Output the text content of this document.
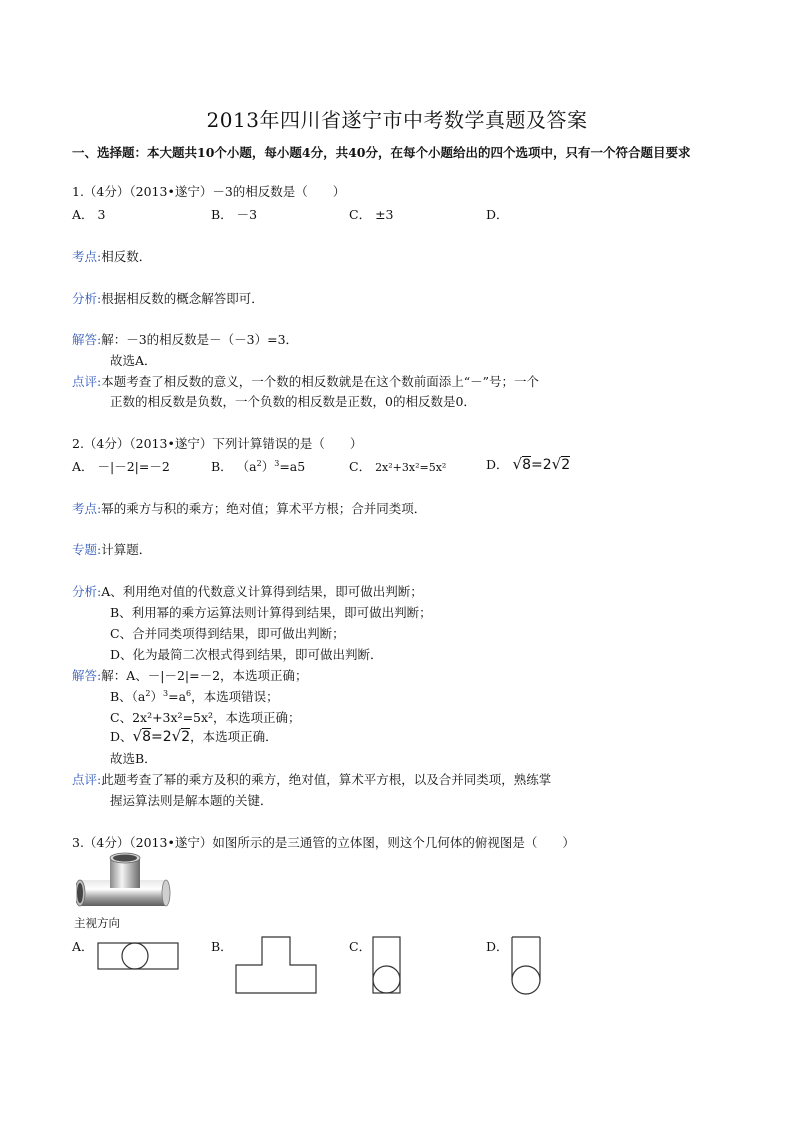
2013年四川省遂宁市中考数学真题及答案
一、选择题：本大题共10个小题，每小题4分，共40分，在每个小题给出的四个选项中，只有一个符合题目要求
1.（4分）（2013•遂宁）－3的相反数是（　　）
A． 3	B． －3	C． ±3	D．
考点:相反数．
分析:根据相反数的概念解答即可．
解答:解：－3的相反数是－（－3）=3．
故选A．
点评:本题考查了相反数的意义，一个数的相反数就是在这个数前面添上“－”号；一个
正数的相反数是负数，一个负数的相反数是正数，0的相反数是0．
2.（4分）（2013•遂宁）下列计算错误的是（　　）
A． －|－2|=－2	B． $(a^2)^3=a5$	C． 2x²+3x²=5x²	D． √8=2√2
考点:幂的乘方与积的乘方；绝对值；算术平方根；合并同类项．
专题:计算题．
分析:A、利用绝对值的代数意义计算得到结果，即可做出判断；
B、利用幂的乘方运算法则计算得到结果，即可做出判断；
C、合并同类项得到结果，即可做出判断；
D、化为最简二次根式得到结果，即可做出判断．
解答:解：A、－|－2|=－2，本选项正确；
B、$(a^2)^3=a^6$，本选项错误；
C、2x²+3x²=5x²，本选项正确；
D、√8=2√2，本选项正确．
故选B．
点评:此题考查了幂的乘方及积的乘方，绝对值，算术平方根，以及合并同类项，熟练掌
握运算法则是解本题的关键．
3.（4分）（2013•遂宁）如图所示的是三通管的立体图，则这个几何体的俯视图是（　　）
主视方向
A．	B．	C．	D．
